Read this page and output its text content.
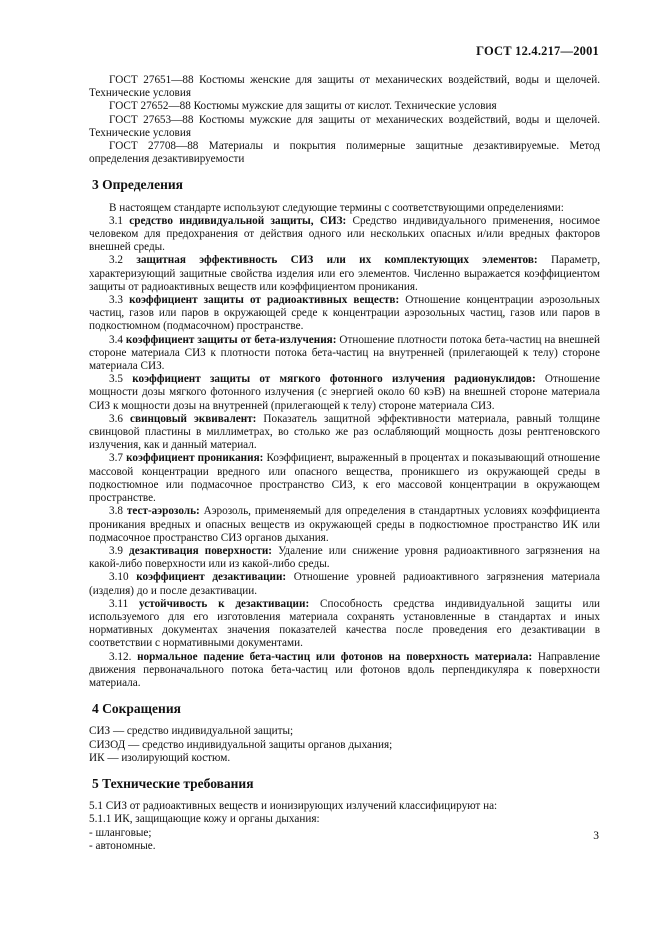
ГОСТ 12.4.217—2001

ГОСТ 27651—88 Костюмы женские для защиты от механических воздействий, воды и щелочей. Технические условия

ГОСТ 27652—88 Костюмы мужские для защиты от кислот. Технические условия

ГОСТ 27653—88 Костюмы мужские для защиты от механических воздействий, воды и щелочей. Технические условия

ГОСТ 27708—88 Материалы и покрытия полимерные защитные дезактивируемые. Метод определения дезактивируемости

3 Определения

В настоящем стандарте используют следующие термины с соответствующими определениями:

3.1 средство индивидуальной защиты, СИЗ: Средство индивидуального применения, носимое человеком для предохранения от действия одного или нескольких опасных и/или вредных факторов внешней среды.

3.2 защитная эффективность СИЗ или их комплектующих элементов: Параметр, характеризующий защитные свойства изделия или его элементов. Численно выражается коэффициентом защиты от радиоактивных веществ или коэффициентом проникания.

3.3 коэффициент защиты от радиоактивных веществ: Отношение концентрации аэрозольных частиц, газов или паров в окружающей среде к концентрации аэрозольных частиц, газов или паров в подкостюмном (подмасочном) пространстве.

3.4 коэффициент защиты от бета-излучения: Отношение плотности потока бета-частиц на внешней стороне материала СИЗ к плотности потока бета-частиц на внутренней (прилегающей к телу) стороне материала СИЗ.

3.5 коэффициент защиты от мягкого фотонного излучения радионуклидов: Отношение мощности дозы мягкого фотонного излучения (с энергией около 60 кэВ) на внешней стороне материала СИЗ к мощности дозы на внутренней (прилегающей к телу) стороне материала СИЗ.

3.6 свинцовый эквивалент: Показатель защитной эффективности материала, равный толщине свинцовой пластины в миллиметрах, во столько же раз ослабляющий мощность дозы рентгеновского излучения, как и данный материал.

3.7 коэффициент проникания: Коэффициент, выраженный в процентах и показывающий отношение массовой концентрации вредного или опасного вещества, проникшего из окружающей среды в подкостюмное или подмасочное пространство СИЗ, к его массовой концентрации в окружающем пространстве.

3.8 тест-аэрозоль: Аэрозоль, применяемый для определения в стандартных условиях коэффициента проникания вредных и опасных веществ из окружающей среды в подкостюмное пространство ИК или подмасочное пространство СИЗ органов дыхания.

3.9 дезактивация поверхности: Удаление или снижение уровня радиоактивного загрязнения на какой-либо поверхности или из какой-либо среды.

3.10 коэффициент дезактивации: Отношение уровней радиоактивного загрязнения материала (изделия) до и после дезактивации.

3.11 устойчивость к дезактивации: Способность средства индивидуальной защиты или используемого для его изготовления материала сохранять установленные в стандартах и иных нормативных документах значения показателей качества после проведения его дезактивации в соответствии с нормативными документами.

3.12. нормальное падение бета-частиц или фотонов на поверхность материала: Направление движения первоначального потока бета-частиц или фотонов вдоль перпендикуляра к поверхности материала.

4 Сокращения

СИЗ — средство индивидуальной защиты;

СИЗОД — средство индивидуальной защиты органов дыхания;

ИК — изолирующий костюм.

5 Технические требования

5.1 СИЗ от радиоактивных веществ и ионизирующих излучений классифицируют на:

5.1.1 ИК, защищающие кожу и органы дыхания:

- шланговые;

- автономные.

3
